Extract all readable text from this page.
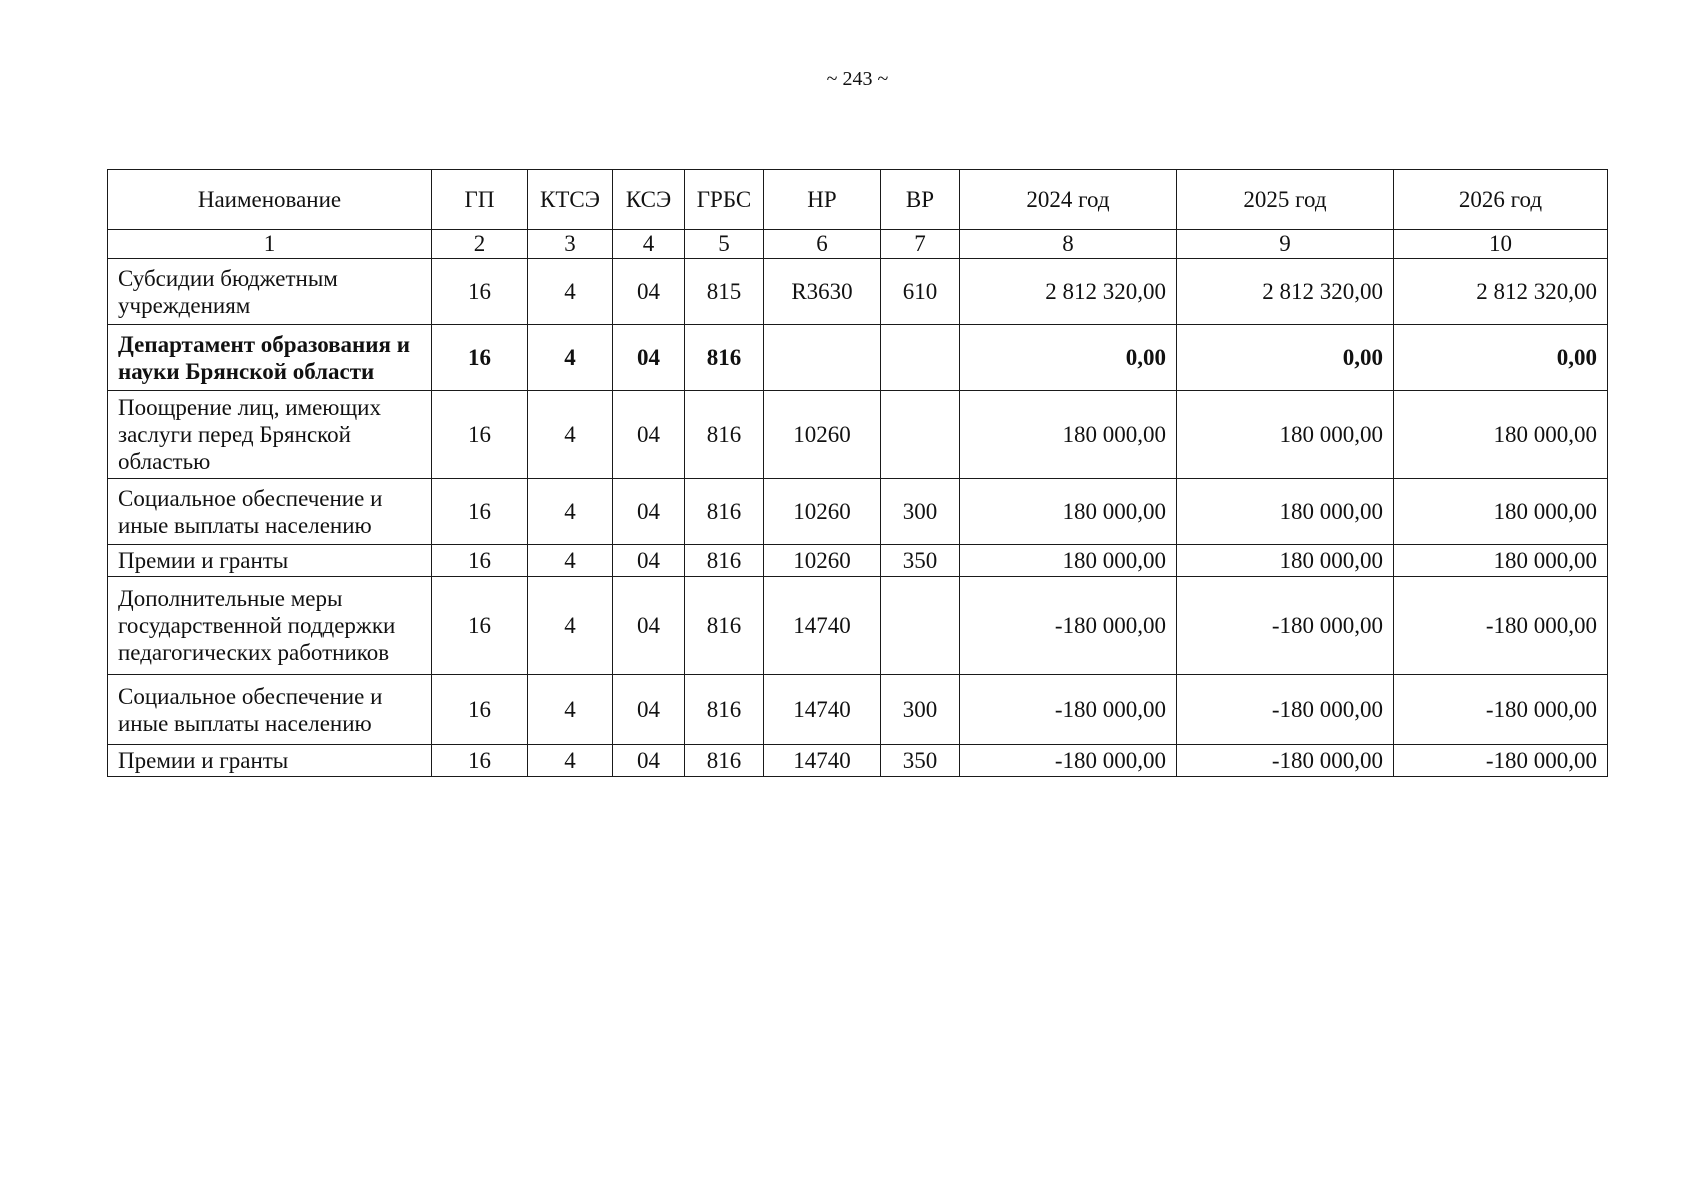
~ 243 ~
Наименование	ГП	КТСЭ	КСЭ	ГРБС	НР	ВР	2024 год	2025 год	2026 год
1	2	3	4	5	6	7	8	9	10
Субсидии бюджетным учреждениям	16	4	04	815	R3630	610	2 812 320,00	2 812 320,00	2 812 320,00
Департамент образования и науки Брянской области	16	4	04	816			0,00	0,00	0,00
Поощрение лиц, имеющих заслуги перед Брянской областью	16	4	04	816	10260		180 000,00	180 000,00	180 000,00
Социальное обеспечение и иные выплаты населению	16	4	04	816	10260	300	180 000,00	180 000,00	180 000,00
Премии и гранты	16	4	04	816	10260	350	180 000,00	180 000,00	180 000,00
Дополнительные меры государственной поддержки педагогических работников	16	4	04	816	14740		-180 000,00	-180 000,00	-180 000,00
Социальное обеспечение и иные выплаты населению	16	4	04	816	14740	300	-180 000,00	-180 000,00	-180 000,00
Премии и гранты	16	4	04	816	14740	350	-180 000,00	-180 000,00	-180 000,00
